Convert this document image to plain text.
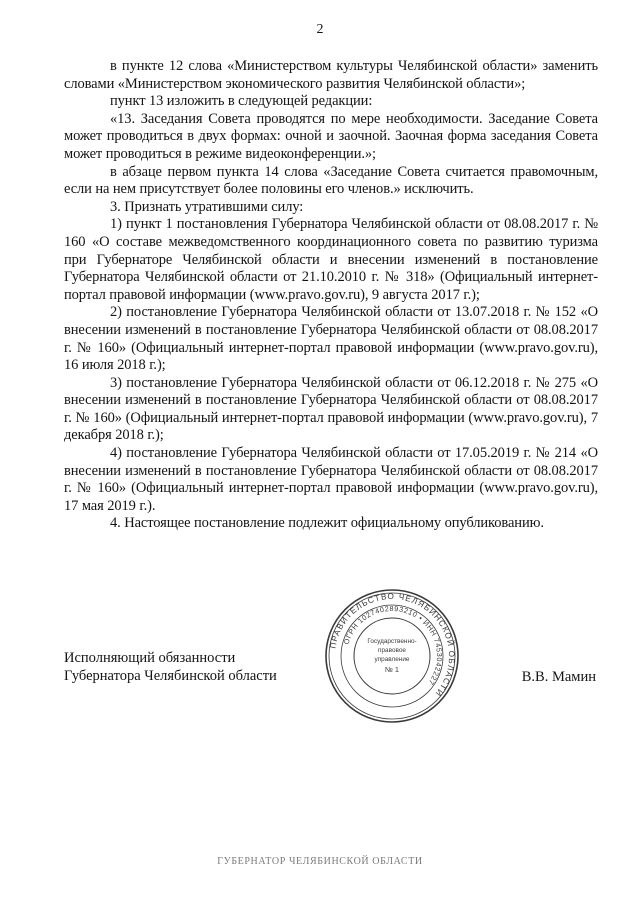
2

в пункте 12 слова «Министерством культуры Челябинской области» заменить словами «Министерством экономического развития Челябинской области»;

пункт 13 изложить в следующей редакции:

«13. Заседания Совета проводятся по мере необходимости. Заседание Совета может проводиться в двух формах: очной и заочной. Заочная форма заседания Совета может проводиться в режиме видеоконференции.»;

в абзаце первом пункта 14 слова «Заседание Совета считается правомочным, если на нем присутствует более половины его членов.» исключить.

3. Признать утратившими силу:

1) пункт 1 постановления Губернатора Челябинской области от 08.08.2017 г. № 160 «О составе межведомственного координационного совета по развитию туризма при Губернаторе Челябинской области и внесении изменений в постановление Губернатора Челябинской области от 21.10.2010 г. № 318» (Официальный интернет-портал правовой информации (www.pravo.gov.ru), 9 августа 2017 г.);

2) постановление Губернатора Челябинской области от 13.07.2018 г. № 152 «О внесении изменений в постановление Губернатора Челябинской области от 08.08.2017 г. № 160» (Официальный интернет-портал правовой информации (www.pravo.gov.ru), 16 июля 2018 г.);

3) постановление Губернатора Челябинской области от 06.12.2018 г. № 275 «О внесении изменений в постановление Губернатора Челябинской области от 08.08.2017 г. № 160» (Официальный интернет-портал правовой информации (www.pravo.gov.ru), 7 декабря 2018 г.);

4) постановление Губернатора Челябинской области от 17.05.2019 г. № 214 «О внесении изменений в постановление Губернатора Челябинской области от 08.08.2017 г. № 160» (Официальный интернет-портал правовой информации (www.pravo.gov.ru), 17 мая 2019 г.).

4. Настоящее постановление подлежит официальному опубликованию.

Исполняющий обязанности
Губернатора Челябинской области	В.В. Мамин
ПРАВИТЕЛЬСТВО ЧЕЛЯБИНСКОЙ ОБЛАСТИ
ОГРН 1027402893210 • ИНН 7453042227
Государственно-
правовое
управление
№ 1
ГУБЕРНАТОР ЧЕЛЯБИНСКОЙ ОБЛАСТИ
